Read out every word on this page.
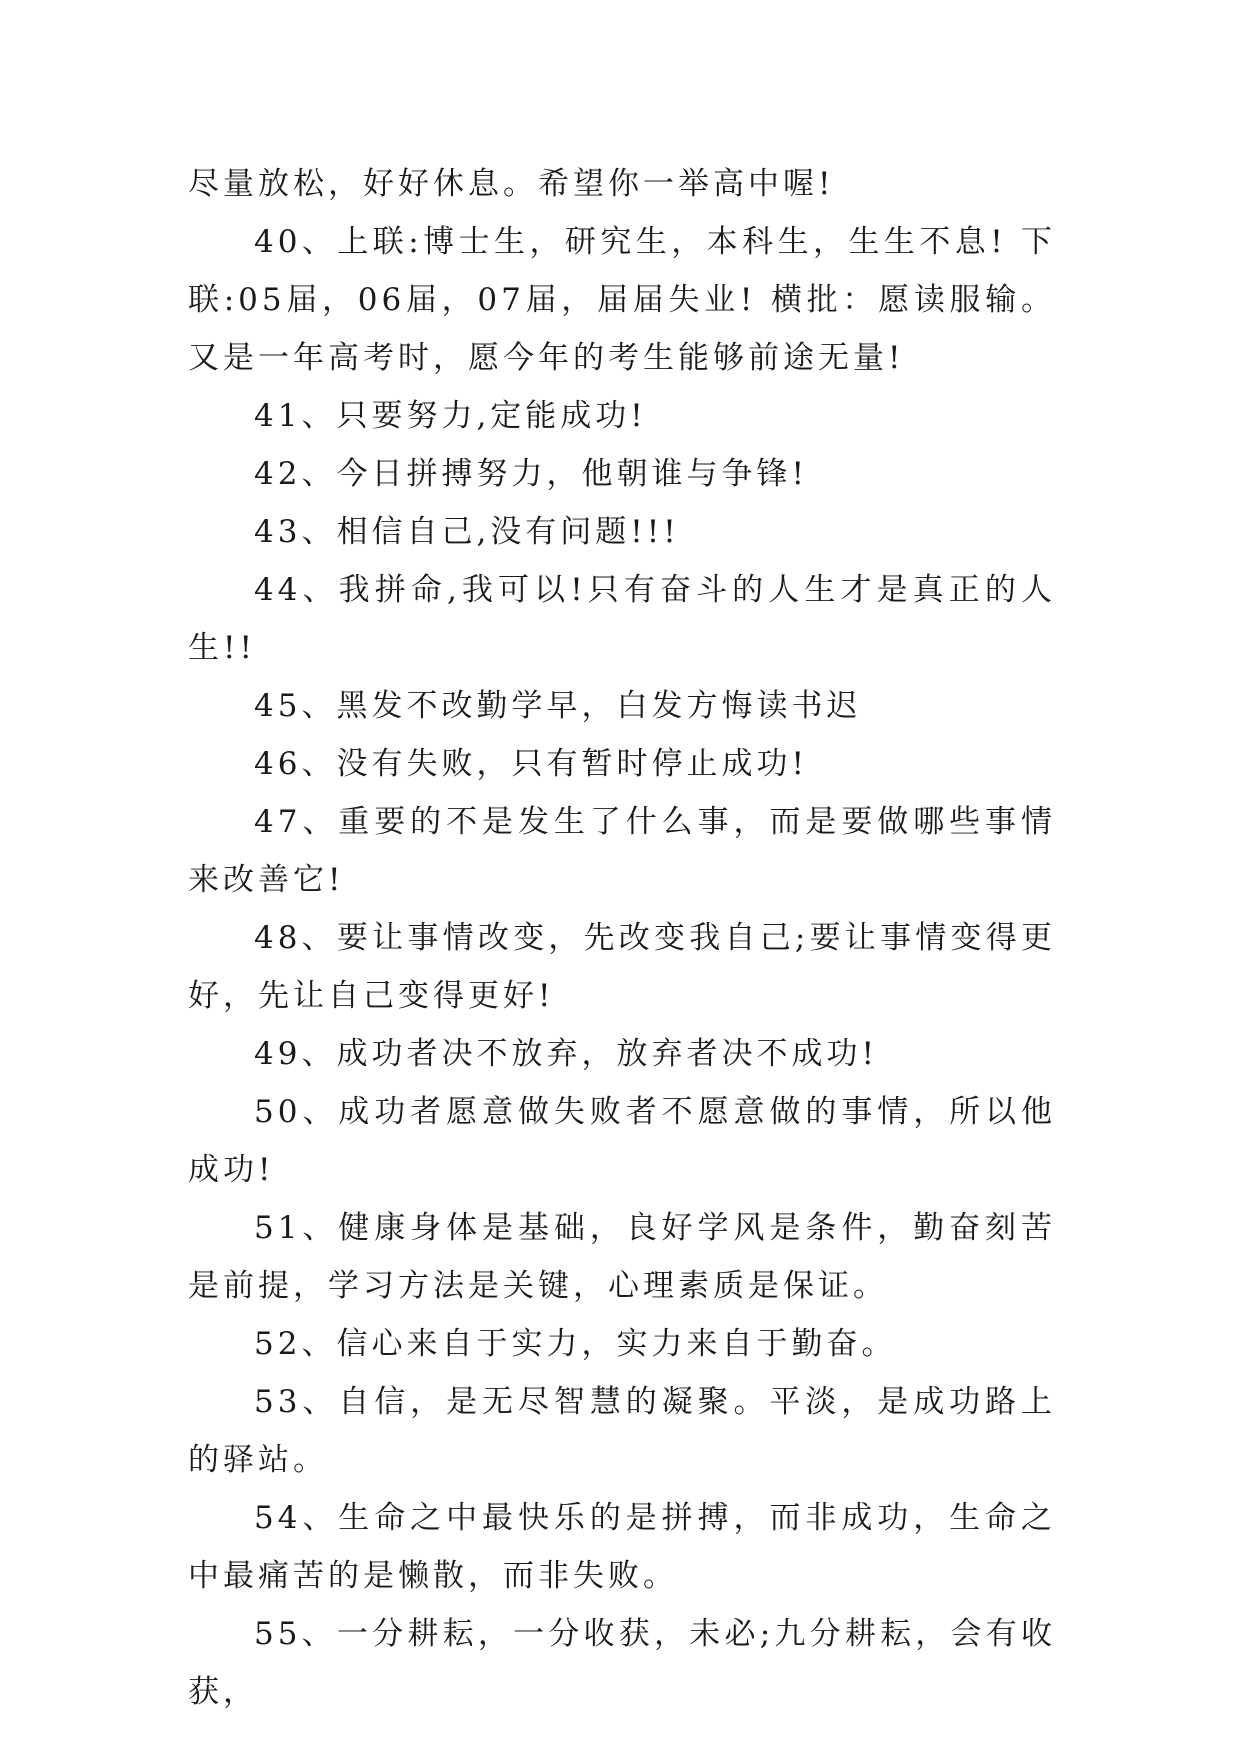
尽量放松，好好休息。希望你一举高中喔!

40、上联:博士生，研究生，本科生，生生不息! 下联:05届，06届，07届，届届失业! 横批：愿读服输。又是一年高考时，愿今年的考生能够前途无量!

41、只要努力,定能成功!

42、今日拼搏努力，他朝谁与争锋!

43、相信自己,没有问题!!!

44、我拼命,我可以!只有奋斗的人生才是真正的人生!!

45、黑发不改勤学早，白发方悔读书迟

46、没有失败，只有暂时停止成功!

47、重要的不是发生了什么事，而是要做哪些事情来改善它!

48、要让事情改变，先改变我自己;要让事情变得更好，先让自己变得更好!

49、成功者决不放弃，放弃者决不成功!

50、成功者愿意做失败者不愿意做的事情，所以他成功!

51、健康身体是基础，良好学风是条件，勤奋刻苦是前提，学习方法是关键，心理素质是保证。

52、信心来自于实力，实力来自于勤奋。

53、自信，是无尽智慧的凝聚。平淡，是成功路上的驿站。

54、生命之中最快乐的是拼搏，而非成功，生命之中最痛苦的是懒散，而非失败。

55、一分耕耘，一分收获，未必;九分耕耘，会有收获，
